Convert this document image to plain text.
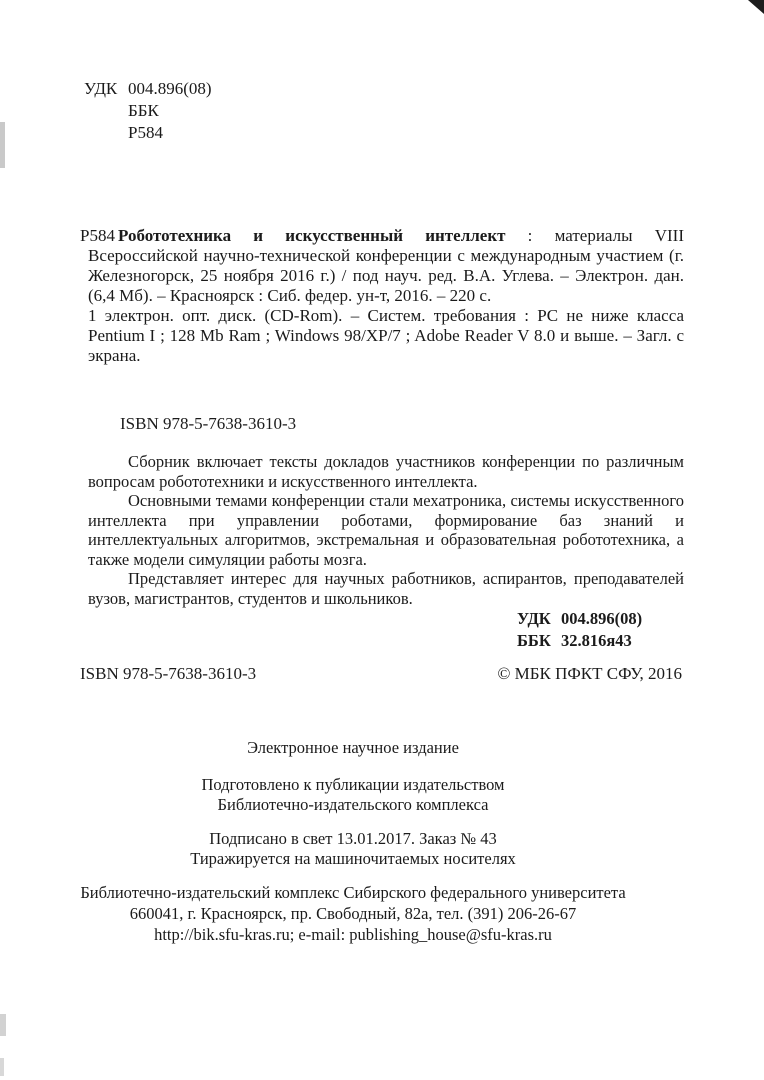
УДК 004.896(08)
ББК
Р584
Р584 Робототехника и искусственный интеллект : материалы VIII Всероссийской научно-технической конференции с международным участием (г. Железногорск, 25 ноября 2016 г.) / под науч. ред. В.А. Углева. – Электрон. дан. (6,4 Мб). – Красноярск : Сиб. федер. ун-т, 2016. – 220 с.

1 электрон. опт. диск. (CD-Rom). – Систем. требования : PC не ниже класса Pentium I ; 128 Mb Ram ; Windows 98/XP/7 ; Adobe Reader V 8.0 и выше. – Загл. с экрана.

ISBN 978-5-7638-3610-3

Сборник включает тексты докладов участников конференции по различным вопросам робототехники и искусственного интеллекта.

Основными темами конференции стали мехатроника, системы искусственного интеллекта при управлении роботами, формирование баз знаний и интеллектуальных алгоритмов, экстремальная и образовательная робототехника, а также модели симуляции работы мозга.

Представляет интерес для научных работников, аспирантов, преподавателей вузов, магистрантов, студентов и школьников.

УДК 004.896(08)
ББК 32.816я43
ISBN 978-5-7638-3610-3	© МБК ПФКТ СФУ, 2016
Электронное научное издание
Подготовлено к публикации издательством
Библиотечно-издательского комплекса
Подписано в свет 13.01.2017. Заказ № 43
Тиражируется на машиночитаемых носителях
Библиотечно-издательский комплекс Сибирского федерального университета
660041, г. Красноярск, пр. Свободный, 82а, тел. (391) 206-26-67
http://bik.sfu-kras.ru; e-mail: publishing_house@sfu-kras.ru
